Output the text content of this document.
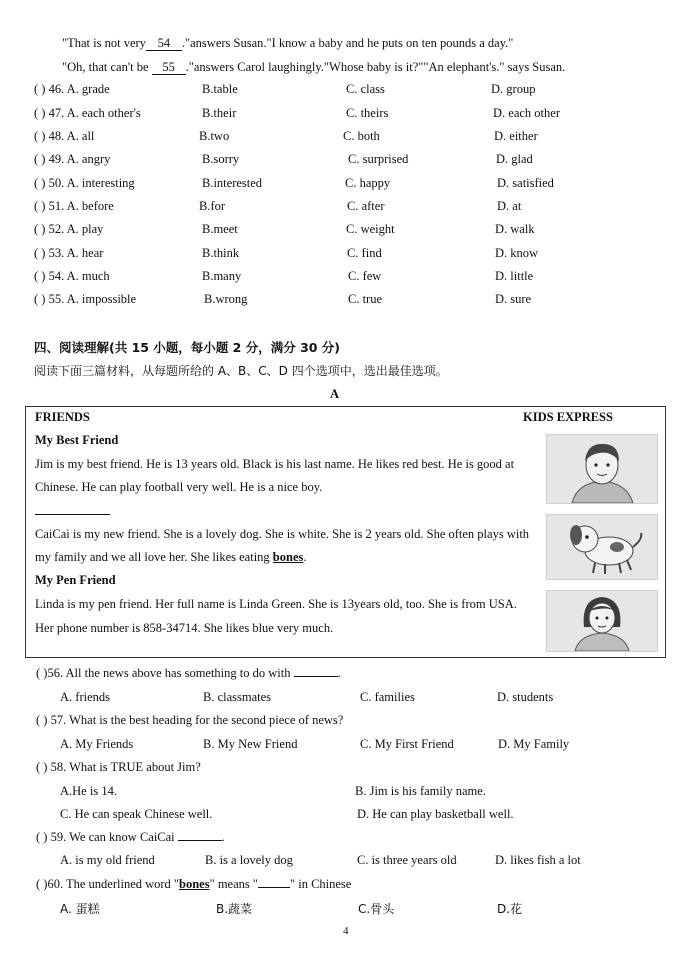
"That is not very 54 ."answers Susan."I know a baby and he puts on ten pounds a day."
"Oh, that can't be 55 ."answers Carol laughingly."Whose baby is it?""An elephant's." says Susan.
( ) 46. A. grade	B.table	C. class	D. group
( ) 47. A. each other's	B.their	C. theirs	D. each other
( ) 48. A. all	B.two	C. both	D. either
( ) 49. A. angry	B.sorry	C. surprised	D. glad
( ) 50. A. interesting	B.interested	C. happy	D. satisfied
( ) 51. A. before	B.for	C. after	D. at
( ) 52. A. play	B.meet	C. weight	D. walk
( ) 53. A. hear	B.think	C. find	D. know
( ) 54. A. much	B.many	C. few	D. little
( ) 55. A. impossible	B.wrong	C. true	D. sure
四、阅读理解(共 15 小题，每小题 2 分，满分 30 分)
阅读下面三篇材料，从每题所给的 A、B、C、D 四个选项中，选出最佳选项。
A
FRIENDS	KIDS EXPRESS
My Best Friend
Jim is my best friend. He is 13 years old. Black is his last name. He likes red best. He is good at
Chinese. He can play football very well. He is a nice boy.
CaiCai is my new friend. She is a lovely dog. She is white. She is 2 years old. She often plays with
my family and we all love her. She likes eating bones.
My Pen Friend
Linda is my pen friend. Her full name is Linda Green. She is 13years old, too. She is from USA.
Her phone number is 858-34714. She likes blue very much.
( )56. All the news above has something to do with	.
A. friends	B. classmates	C. families	D. students
( ) 57. What is the best heading for the second piece of news?
A. My Friends	B. My New Friend	C. My First Friend	D. My Family
( ) 58. What is TRUE about Jim?
A.He is 14.	B. Jim is his family name.
C. He can speak Chinese well.	D. He can play basketball well.
( ) 59. We can know CaiCai	.
A. is my old friend	B. is a lovely dog	C. is three years old	D. likes fish a lot
( )60. The underlined word "bones" means "	" in Chinese
A. 蛋糕	B.蔬菜	C.骨头	D.花
4
